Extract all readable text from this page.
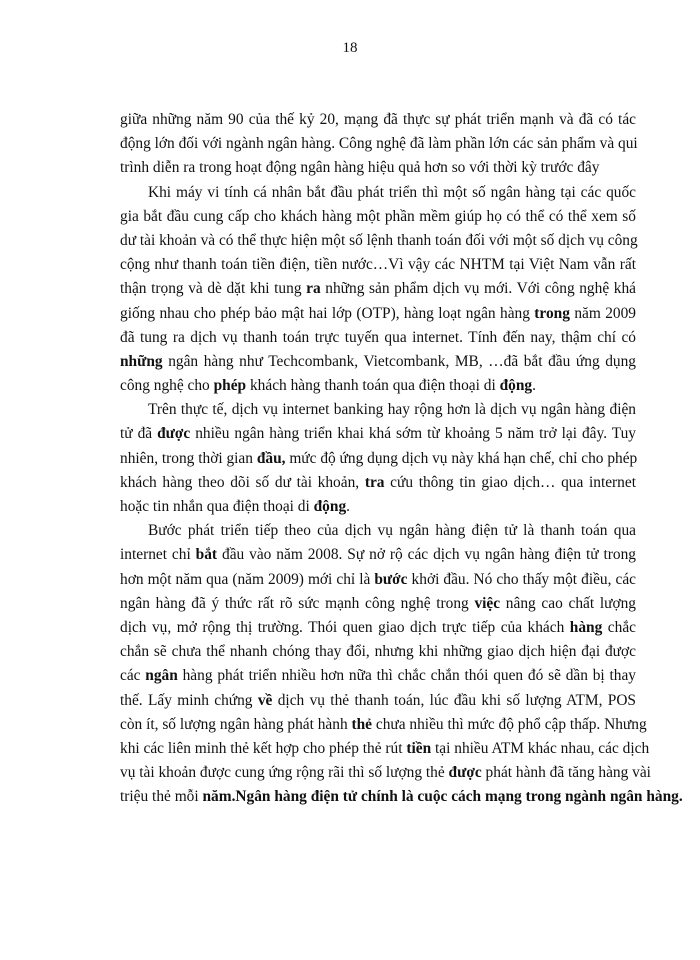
18
giữa những năm 90 của thế kỷ 20, mạng đã thực sự phát triển mạnh và đã có tác
động lớn đối với ngành ngân hàng. Công nghệ đã làm phần lớn các sản phẩm và qui
trình diễn ra trong hoạt động ngân hàng hiệu quả hơn so với thời kỳ trước đây
Khi máy vi tính cá nhân bắt đầu phát triển thì một số ngân hàng tại các quốc
gia bắt đầu cung cấp cho khách hàng một phần mềm giúp họ có thể có thể xem số
dư tài khoản và có thể thực hiện một số lệnh thanh toán đối với một số dịch vụ công
cộng như thanh toán tiền điện, tiền nước…Vì vậy các NHTM tại Việt Nam vẫn rất
thận trọng và dè dặt khi tung ra những sản phẩm dịch vụ mới. Với công nghệ khá
giống nhau cho phép bảo mật hai lớp (OTP), hàng loạt ngân hàng trong năm 2009
đã tung ra dịch vụ thanh toán trực tuyến qua internet. Tính đến nay, thậm chí có
những ngân hàng như Techcombank, Vietcombank, MB, …đã bắt đầu ứng dụng
công nghệ cho phép khách hàng thanh toán qua điện thoại di động.
Trên thực tế, dịch vụ internet banking hay rộng hơn là dịch vụ ngân hàng điện
tử đã được nhiều ngân hàng triển khai khá sớm từ khoảng 5 năm trở lại đây. Tuy
nhiên, trong thời gian đầu, mức độ ứng dụng dịch vụ này khá hạn chế, chỉ cho phép
khách hàng theo dõi số dư tài khoản, tra cứu thông tin giao dịch… qua internet
hoặc tin nhắn qua điện thoại di động.
Bước phát triển tiếp theo của dịch vụ ngân hàng điện tử là thanh toán qua
internet chỉ bắt đầu vào năm 2008. Sự nở rộ các dịch vụ ngân hàng điện tử trong
hơn một năm qua (năm 2009) mới chỉ là bước khởi đầu. Nó cho thấy một điều, các
ngân hàng đã ý thức rất rõ sức mạnh công nghệ trong việc nâng cao chất lượng
dịch vụ, mở rộng thị trường. Thói quen giao dịch trực tiếp của khách hàng chắc
chắn sẽ chưa thể nhanh chóng thay đổi, nhưng khi những giao dịch hiện đại được
các ngân hàng phát triển nhiều hơn nữa thì chắc chắn thói quen đó sẽ dần bị thay
thế. Lấy minh chứng về dịch vụ thẻ thanh toán, lúc đầu khi số lượng ATM, POS
còn ít, số lượng ngân hàng phát hành thẻ chưa nhiều thì mức độ phổ cập thấp. Nhưng
khi các liên minh thẻ kết hợp cho phép thẻ rút tiền tại nhiều ATM khác nhau, các dịch
vụ tài khoản được cung ứng rộng rãi thì số lượng thẻ được phát hành đã tăng hàng vài
triệu thẻ mỗi năm.Ngân hàng điện tử chính là cuộc cách mạng trong ngành ngân hàng.
